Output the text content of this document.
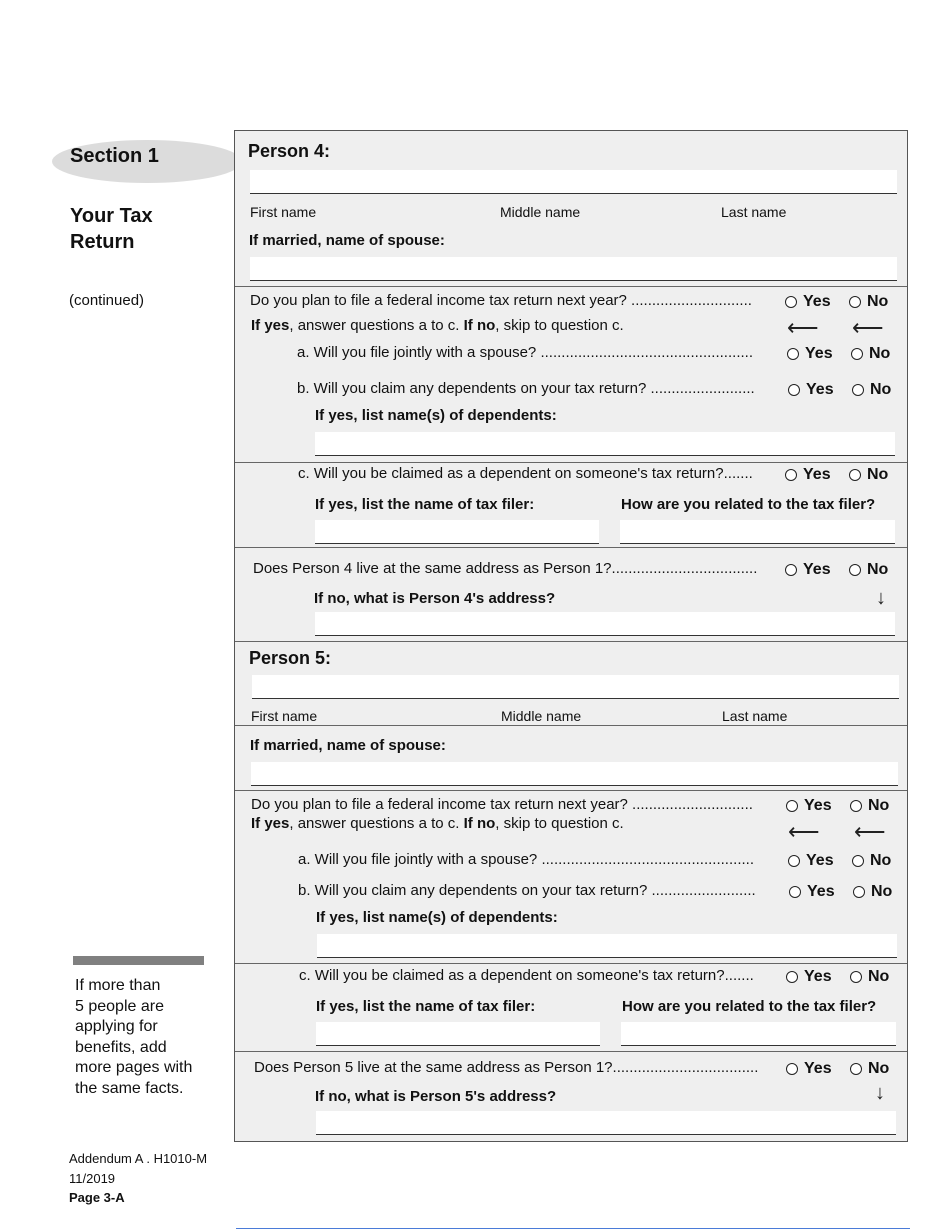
Section 1
Your Tax
Return
(continued)
If more than
5 people are
applying for
benefits, add
more pages with
the same facts.
Addendum A . H1010-M
11/2019
Page 3-A
Person 4:
First name	Middle name	Last name
If married, name of spouse:
Do you plan to file a federal income tax return next year? .............................	Yes No
If yes, answer questions a to c. If no, skip to question c.	⟵ ⟵
a. Will you file jointly with a spouse? ...................................................	Yes No
b. Will you claim any dependents on your tax return? .........................	Yes No
If yes, list name(s) of dependents:
c. Will you be claimed as a dependent on someone's tax return?.......	Yes No
If yes, list the name of tax filer:	How are you related to the tax filer?
Does Person 4 live at the same address as Person 1?...................................	Yes No
If no, what is Person 4's address?	↓
Person 5:
First name	Middle name	Last name
If married, name of spouse:
Do you plan to file a federal income tax return next year? .............................	Yes No
If yes, answer questions a to c. If no, skip to question c.	⟵ ⟵
a. Will you file jointly with a spouse? ...................................................	Yes No
b. Will you claim any dependents on your tax return? .........................	Yes No
If yes, list name(s) of dependents:
c. Will you be claimed as a dependent on someone's tax return?.......	Yes No
If yes, list the name of tax filer:	How are you related to the tax filer?
Does Person 5 live at the same address as Person 1?...................................	Yes No
If no, what is Person 5's address?	↓
